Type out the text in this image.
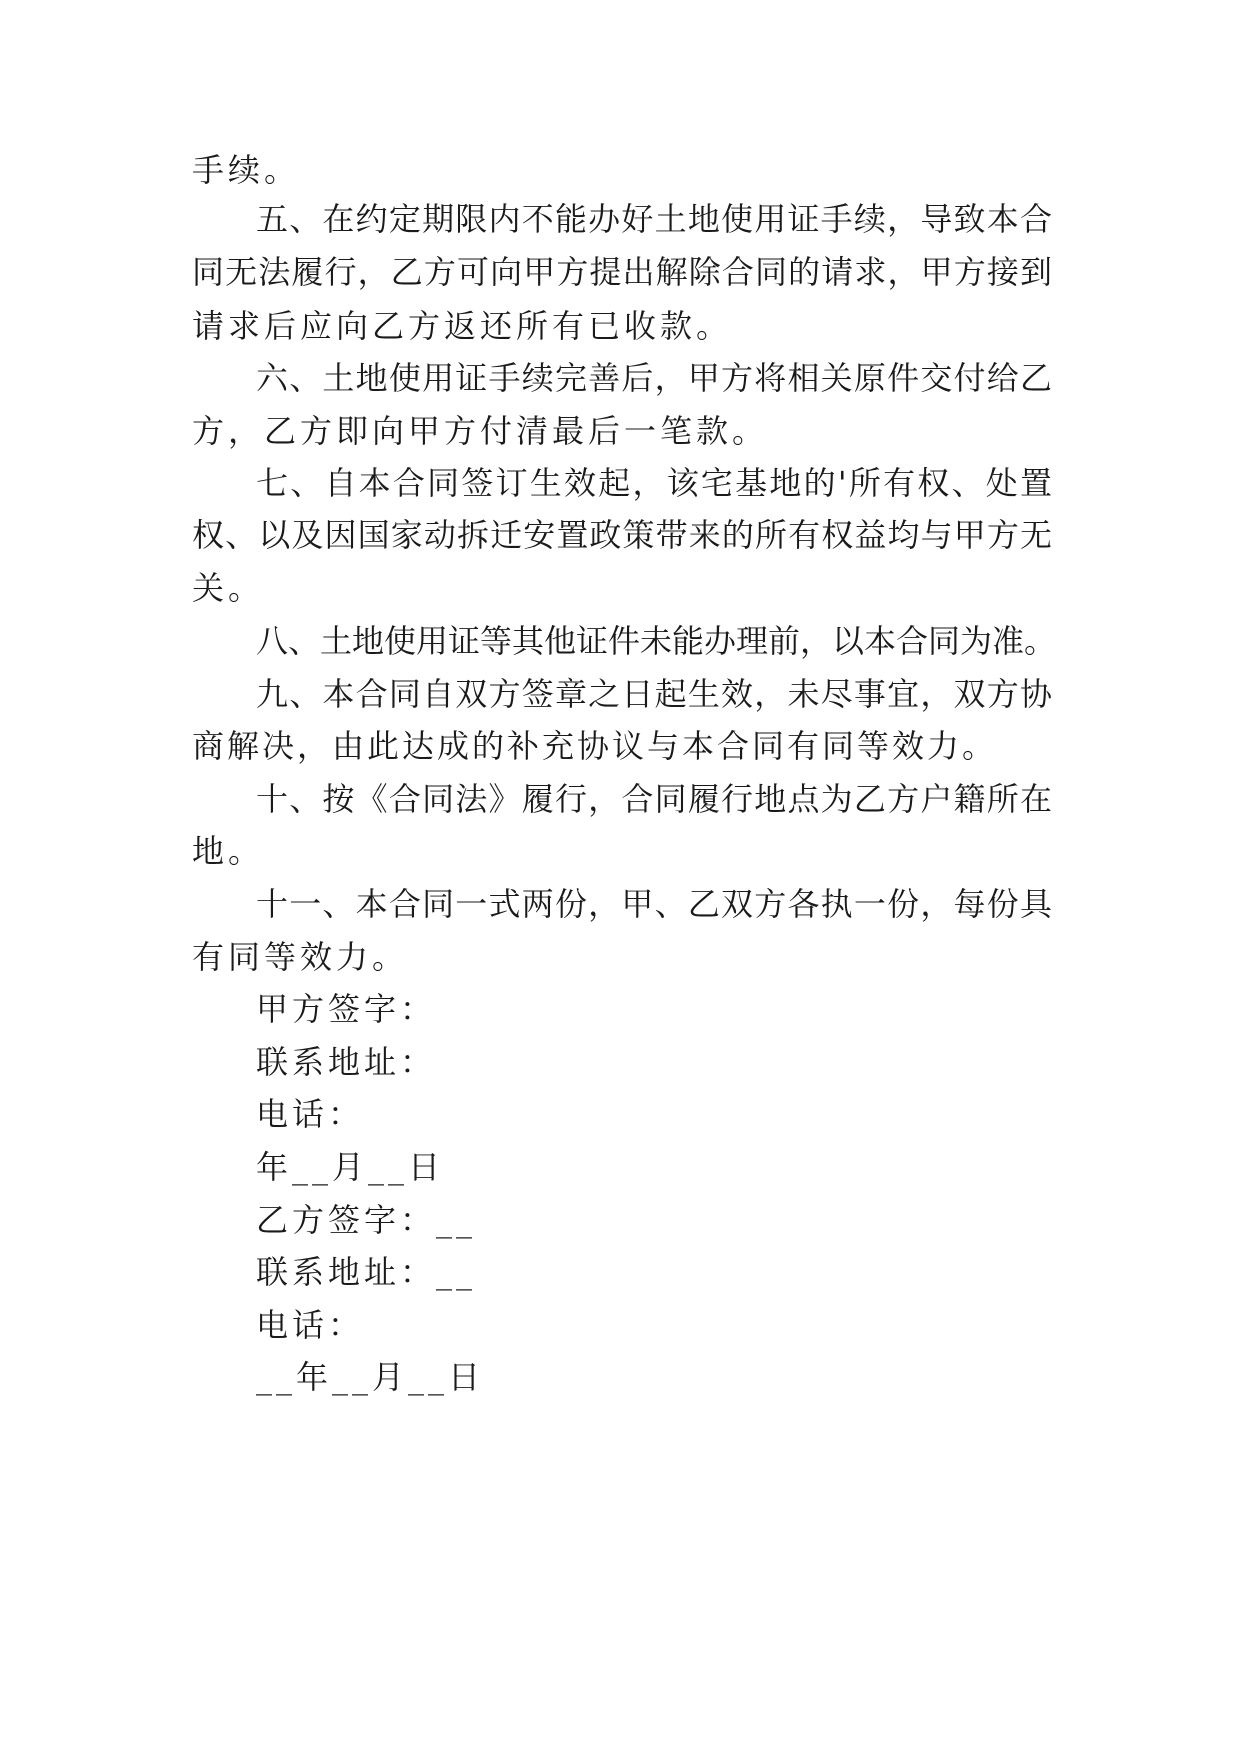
手续。

五、在约定期限内不能办好土地使用证手续，导致本合

同无法履行，乙方可向甲方提出解除合同的请求，甲方接到

请求后应向乙方返还所有已收款。

六、土地使用证手续完善后，甲方将相关原件交付给乙

方，乙方即向甲方付清最后一笔款。

七、自本合同签订生效起，该宅基地的'所有权、处置

权、以及因国家动拆迁安置政策带来的所有权益均与甲方无

关。

八、土地使用证等其他证件未能办理前，以本合同为准。

九、本合同自双方签章之日起生效，未尽事宜，双方协

商解决，由此达成的补充协议与本合同有同等效力。

十、按《合同法》履行，合同履行地点为乙方户籍所在

地。

十一、本合同一式两份，甲、乙双方各执一份，每份具

有同等效力。

甲方签字：

联系地址：

电话：

年__月__日

乙方签字：__

联系地址：__

电话：

__年__月__日
